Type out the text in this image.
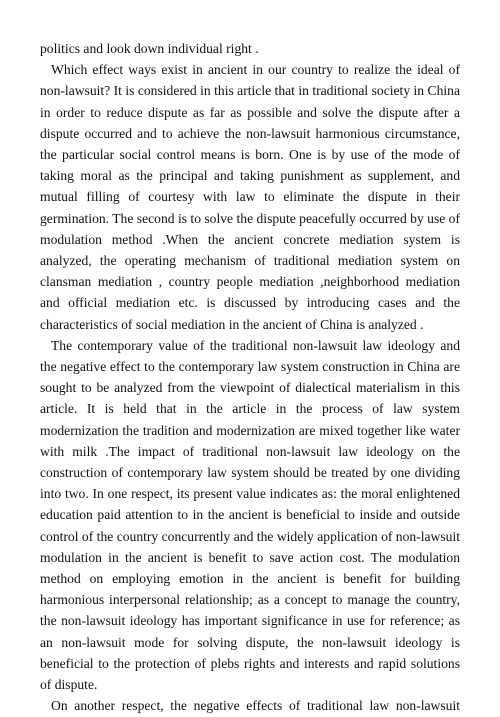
politics and look down individual right .

Which effect ways exist in ancient in our country to realize the ideal of non-lawsuit? It is considered in this article that in traditional society in China in order to reduce dispute as far as possible and solve the dispute after a dispute occurred and to achieve the non-lawsuit harmonious circumstance, the particular social control means is born. One is by use of the mode of taking moral as the principal and taking punishment as supplement, and mutual filling of courtesy with law to eliminate the dispute in their germination. The second is to solve the dispute peacefully occurred by use of modulation method .When the ancient concrete mediation system is analyzed, the operating mechanism of traditional mediation system on clansman mediation , country people mediation ,neighborhood mediation and official mediation etc. is discussed by introducing cases and the characteristics of social mediation in the ancient of China is analyzed .

The contemporary value of the traditional non-lawsuit law ideology and the negative effect to the contemporary law system construction in China are sought to be analyzed from the viewpoint of dialectical materialism in this article. It is held that in the article in the process of law system modernization the tradition and modernization are mixed together like water with milk .The impact of traditional non-lawsuit law ideology on the construction of contemporary law system should be treated by one dividing into two. In one respect, its present value indicates as: the moral enlightened education paid attention to in the ancient is beneficial to inside and outside control of the country concurrently and the widely application of non-lawsuit modulation in the ancient is benefit to save action cost. The modulation method on employing emotion in the ancient is benefit for building harmonious interpersonal relationship; as a concept to manage the country, the non-lawsuit ideology has important significance in use for reference; as an non-lawsuit mode for solving dispute, the non-lawsuit ideology is beneficial to the protection of plebs rights and interests and rapid solutions of dispute.

On another respect, the negative effects of traditional law non-lawsuit
